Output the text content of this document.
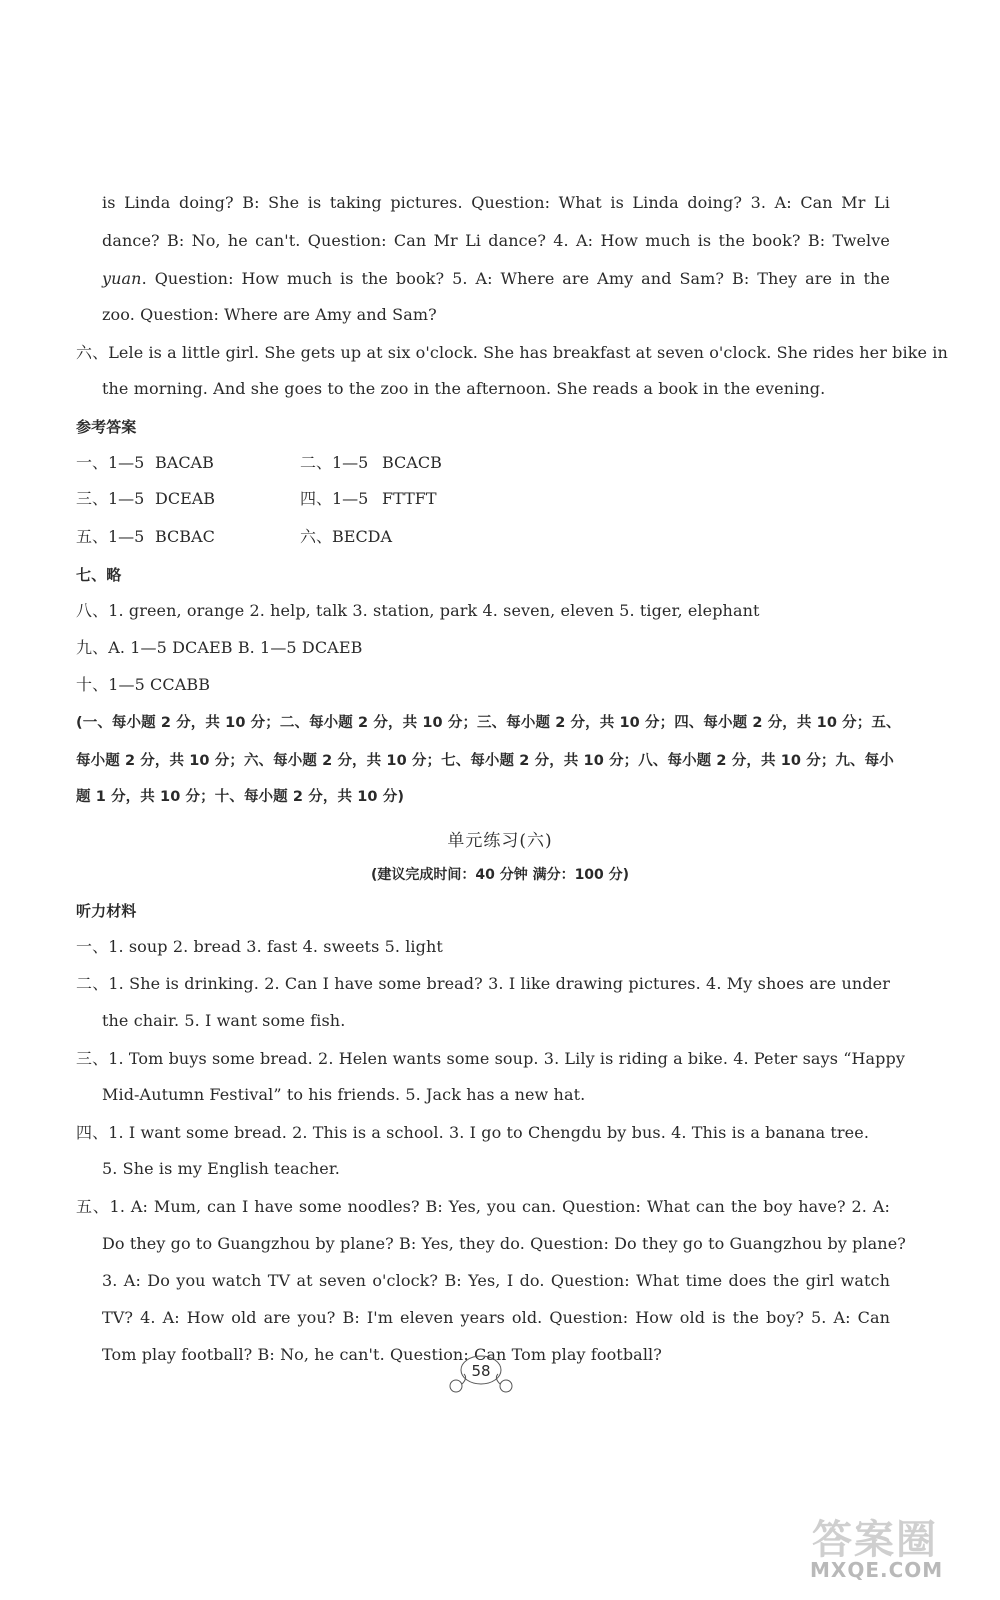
is Linda doing? B: She is taking pictures. Question: What is Linda doing? 3. A: Can Mr Li
dance? B: No, he can't. Question: Can Mr Li dance? 4. A: How much is the book? B: Twelve
yuan . Question: How much is the book? 5. A: Where are Amy and Sam? B: They are in the
zoo. Question: Where are Amy and Sam?
六、Lele is a little girl. She gets up at six o'clock. She has breakfast at seven o'clock. She rides her bike in
the morning. And she goes to the zoo in the afternoon. She reads a book in the evening.
参考答案
一、1—5 BACAB	二、1—5 BCACB
三、1—5 DCEAB	四、1—5 FTTFT
五、1—5 BCBAC	六、BECDA
七、略
八、1. green, orange 2. help, talk 3. station, park 4. seven, eleven 5. tiger, elephant
九、A. 1—5 DCAEB B. 1—5 DCAEB
十、1—5 CCABB
(一、每小题 2 分，共 10 分；二、每小题 2 分，共 10 分；三、每小题 2 分，共 10 分；四、每小题 2 分，共 10 分；五、
每小题 2 分，共 10 分；六、每小题 2 分，共 10 分；七、每小题 2 分，共 10 分；八、每小题 2 分，共 10 分；九、每小
题 1 分，共 10 分；十、每小题 2 分，共 10 分)
单元练习(六)
(建议完成时间：40 分钟 满分：100 分)
听力材料
一、1. soup 2. bread 3. fast 4. sweets 5. light
二、1. She is drinking. 2. Can I have some bread? 3. I like drawing pictures. 4. My shoes are under
the chair. 5. I want some fish.
三、1. Tom buys some bread. 2. Helen wants some soup. 3. Lily is riding a bike. 4. Peter says “Happy
Mid-Autumn Festival” to his friends. 5. Jack has a new hat.
四、1. I want some bread. 2. This is a school. 3. I go to Chengdu by bus. 4. This is a banana tree.
5. She is my English teacher.
五、1. A: Mum, can I have some noodles? B: Yes, you can. Question: What can the boy have? 2. A:
Do they go to Guangzhou by plane? B: Yes, they do. Question: Do they go to Guangzhou by plane?
3. A: Do you watch TV at seven o'clock? B: Yes, I do. Question: What time does the girl watch
TV? 4. A: How old are you? B: I'm eleven years old. Question: How old is the boy? 5. A: Can
Tom play football? B: No, he can't. Question: Can Tom play football?
58
答案圈
MXQE.COM
